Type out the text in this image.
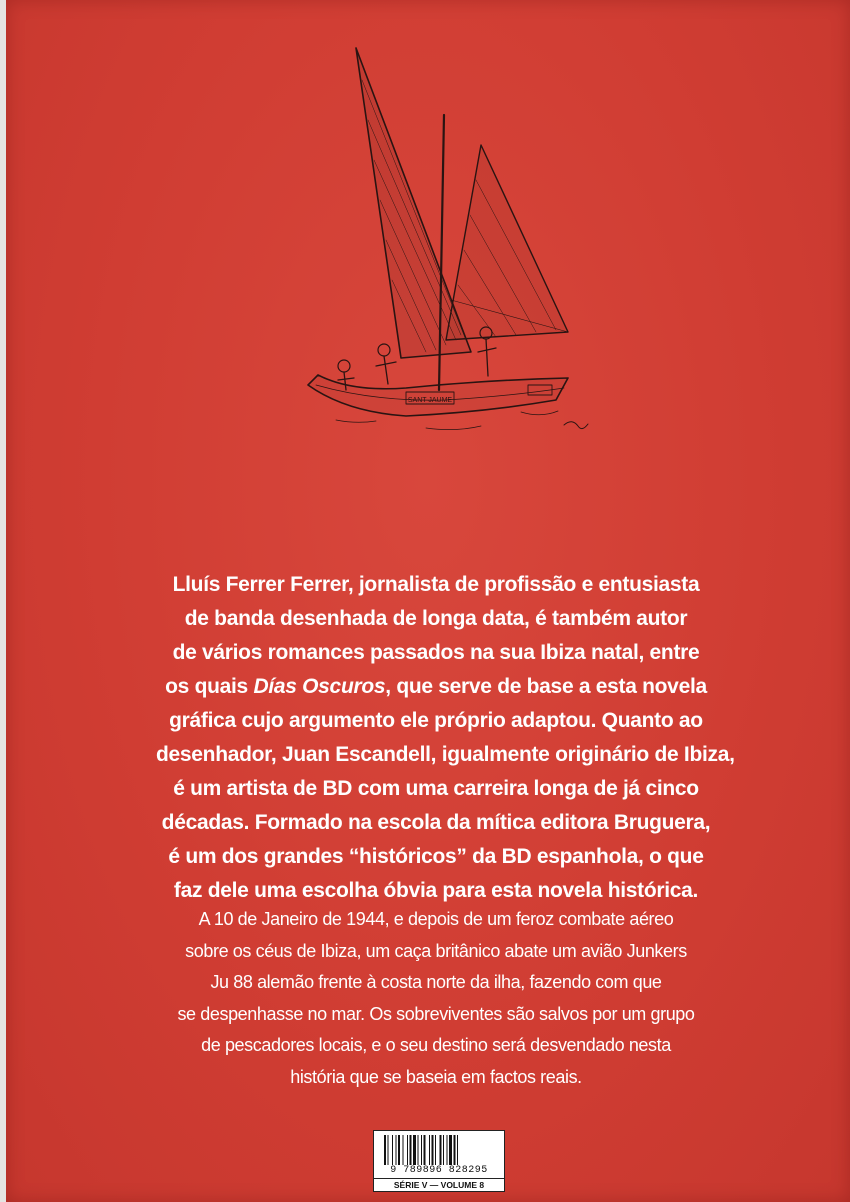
SANT JAUME
Lluís Ferrer Ferrer, jornalista de profissão e entusiasta
de banda desenhada de longa data, é também autor
de vários romances passados na sua Ibiza natal, entre
os quais Días Oscuros, que serve de base a esta novela
gráfica cujo argumento ele próprio adaptou. Quanto ao
desenhador, Juan Escandell, igualmente originário de Ibiza,
é um artista de BD com uma carreira longa de já cinco
décadas. Formado na escola da mítica editora Bruguera,
é um dos grandes “históricos” da BD espanhola, o que
faz dele uma escolha óbvia para esta novela histórica.
A 10 de Janeiro de 1944, e depois de um feroz combate aéreo
sobre os céus de Ibiza, um caça britânico abate um avião Junkers
Ju 88 alemão frente à costa norte da ilha, fazendo com que
se despenhasse no mar. Os sobreviventes são salvos por um grupo
de pescadores locais, e o seu destino será desvendado nesta
história que se baseia em factos reais.
9 789896 828295
SÉRIE V — VOLUME 8
